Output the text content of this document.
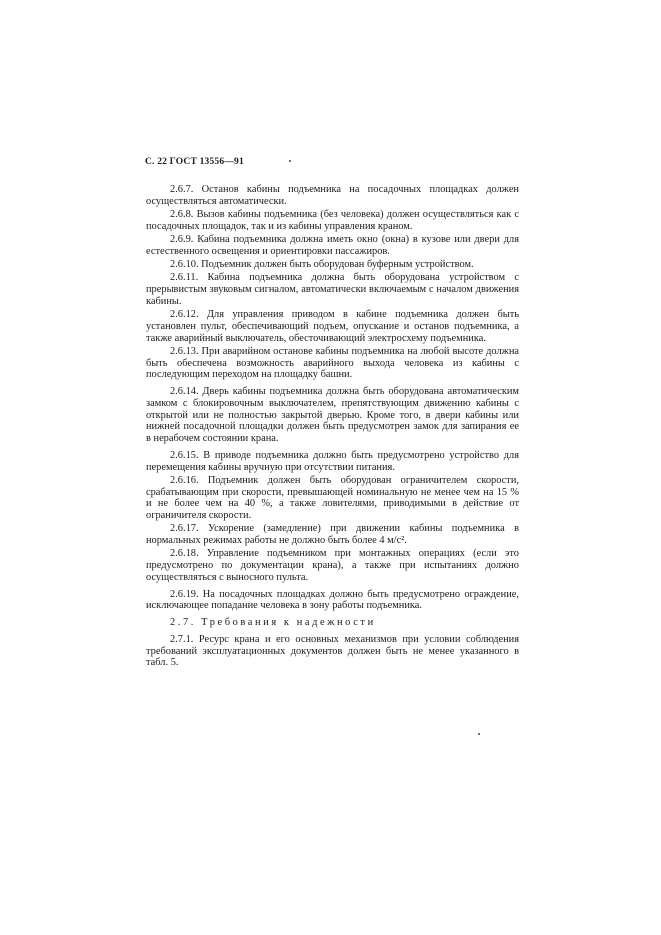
С. 22 ГОСТ 13556—91

2.6.7. Останов кабины подъемника на посадочных площадках должен осуществляться автоматически.

2.6.8. Вызов кабины подъемника (без человека) должен осуществляться как с посадочных площадок, так и из кабины управления краном.

2.6.9. Кабина подъемника должна иметь окно (окна) в кузове или двери для естественного освещения и ориентировки пассажиров.

2.6.10. Подъемник должен быть оборудован буферным устройством.

2.6.11. Кабина подъемника должна быть оборудована устройством с прерывистым звуковым сигналом, автоматически включаемым с началом движения кабины.

2.6.12. Для управления приводом в кабине подъемника должен быть установлен пульт, обеспечивающий подъем, опускание и останов подъемника, а также аварийный выключатель, обесточивающий электросхему подъемника.

2.6.13. При аварийном останове кабины подъемника на любой высоте должна быть обеспечена возможность аварийного выхода человека из кабины с последующим переходом на площадку башни.

2.6.14. Дверь кабины подъемника должна быть оборудована автоматическим замком с блокировочным выключателем, препятствующим движению кабины с открытой или не полностью закрытой дверью. Кроме того, в двери кабины или нижней посадочной площадки должен быть предусмотрен замок для запирания ее в нерабочем состоянии крана.

2.6.15. В приводе подъемника должно быть предусмотрено устройство для перемещения кабины вручную при отсутствии питания.

2.6.16. Подъемник должен быть оборудован ограничителем скорости, срабатывающим при скорости, превышающей номинальную не менее чем на 15 % и не более чем на 40 %, а также ловителями, приводимыми в действие от ограничителя скорости.

2.6.17. Ускорение (замедление) при движении кабины подъемника в нормальных режимах работы не должно быть более 4 м/с².

2.6.18. Управление подъемником при монтажных операциях (если это предусмотрено по документации крана), а также при испытаниях должно осуществляться с выносного пульта.

2.6.19. На посадочных площадках должно быть предусмотрено ограждение, исключающее попадание человека в зону работы подъемника.

2.7. Требования к надежности

2.7.1. Ресурс крана и его основных механизмов при условии соблюдения требований эксплуатационных документов должен быть не менее указанного в табл. 5.
